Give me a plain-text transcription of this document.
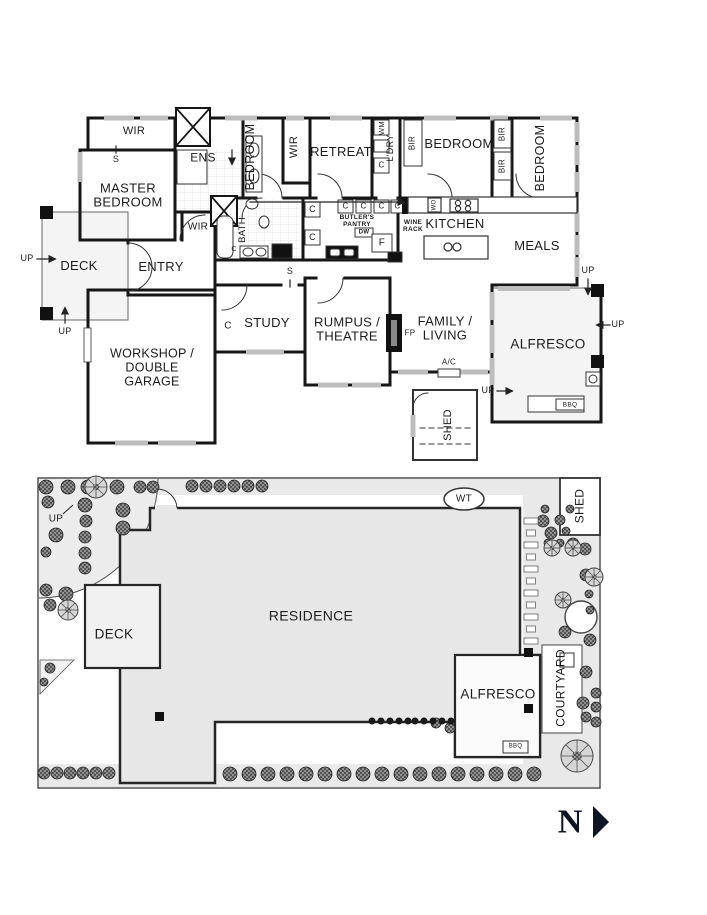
WIR
S	ENS
MASTER BEDROOM
BEDROOM	WIR RETREAT
WM
L'DRY
C
BIR BEDROOM
BIR
BIR BEDROOM
UP DECK	ENTRY
UP
WIR	BATH
C
WORKSHOP / DOUBLE GARAGE
C
S
STUDY	RUMPUS / THEATRE	FP
FAMILY / LIVING
A/C
C
C
C C C C
BUTLER'S PANTRY
DW
F
WINE RACK
WO
KITCHEN
MEALS
UP
UP
UP
ALFRESCO
BBQ
SHED
UP
WT	SHED
RESIDENCE
DECK
ALFRESCO COURTYARD
BBQ
N
